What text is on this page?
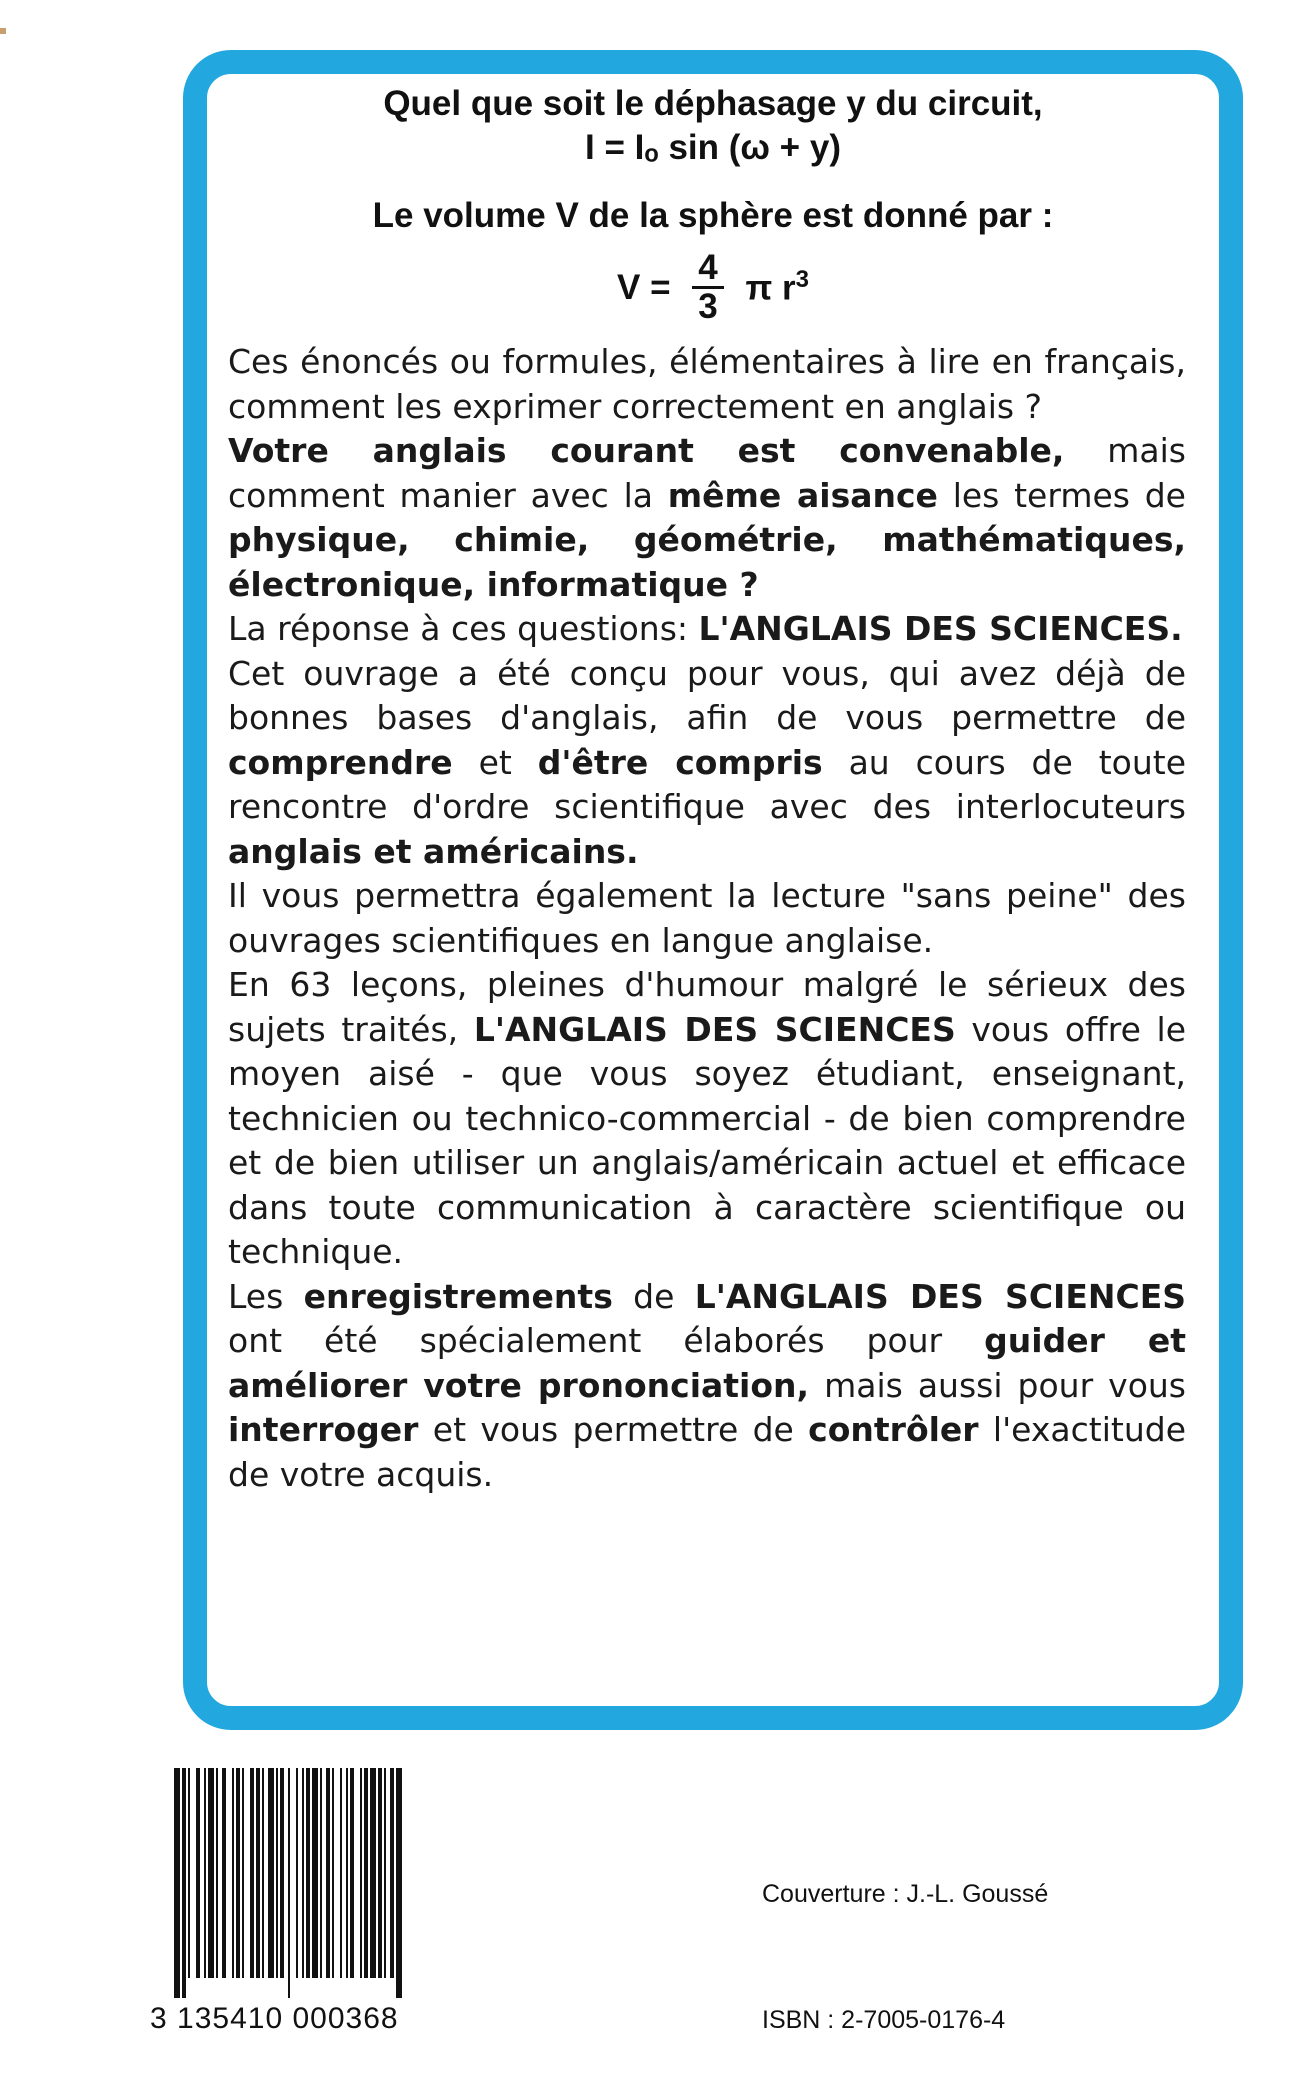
Quel que soit le déphasage y du circuit,
I = Iₒ sin (ω + y)
Le volume V de la sphère est donné par :
$V = \frac{4}{3}$ π $r^3$

Ces énoncés ou formules, élémentaires à lire en français, comment les exprimer correctement en anglais ?

Votre anglais courant est convenable, mais comment manier avec la même aisance les termes de physique, chimie, géométrie, mathématiques, électronique, informatique ?

La réponse à ces questions: L'ANGLAIS DES SCIENCES.

Cet ouvrage a été conçu pour vous, qui avez déjà de bonnes bases d'anglais, afin de vous permettre de comprendre et d'être compris au cours de toute rencontre d'ordre scientifique avec des interlocuteurs anglais et américains.

Il vous permettra également la lecture "sans peine" des ouvrages scientifiques en langue anglaise.

En 63 leçons, pleines d'humour malgré le sérieux des sujets traités, L'ANGLAIS DES SCIENCES vous offre le moyen aisé - que vous soyez étudiant, enseignant, technicien ou technico-commercial - de bien comprendre et de bien utiliser un anglais/américain actuel et efficace dans toute communication à caractère scientifique ou technique.

Les enregistrements de L'ANGLAIS DES SCIENCES ont été spécialement élaborés pour guider et améliorer votre prononciation, mais aussi pour vous interroger et vous permettre de contrôler l'exactitude de votre acquis.

3 135410 000368
Couverture : J.-L. Goussé
ISBN : 2-7005-0176-4
